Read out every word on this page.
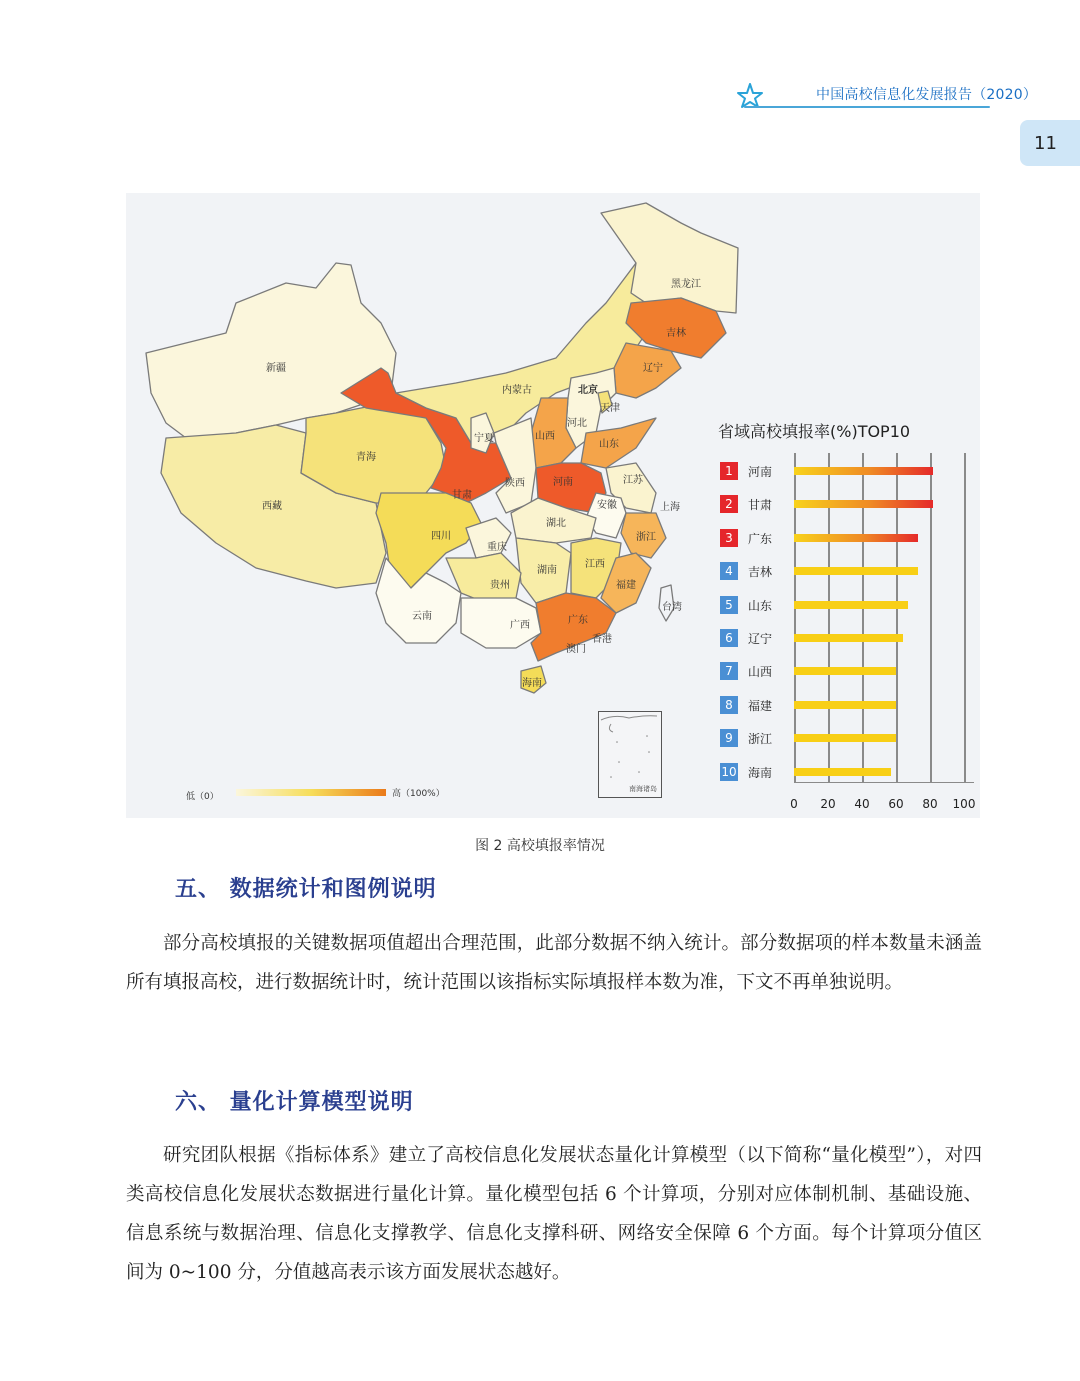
中国高校信息化发展报告（2020）
11
新疆
西藏
青海
甘肃
内蒙古
黑龙江
吉林
辽宁
北京
天津
河北
山西
山东
宁夏
陕西	河南	江苏
安徽	上海
四川
重庆
湖北
浙江
湖南
江西
贵州	福建
云南
广西	广东
香港
澳门
台湾
海南
低（0）	高（100%）	南海诸岛
省域高校填报率(%)TOP10
1	河南
2	甘肃
3	广东
4	吉林
5	山东
6	辽宁
7	山西
8	福建
9	浙江
10 海南
0 20 40 60 80 100
图 2 高校填报率情况
五、 数据统计和图例说明
部分高校填报的关键数据项值超出合理范围，此部分数据不纳入统计。部分数据项的样本数量未涵盖所有填报高校，进行数据统计时，统计范围以该指标实际填报样本数为准，下文不再单独说明。
六、 量化计算模型说明
研究团队根据《指标体系》建立了高校信息化发展状态量化计算模型（以下简称“量化模型”），对四类高校信息化发展状态数据进行量化计算。量化模型包括 6 个计算项，分别对应体制机制、基础设施、信息系统与数据治理、信息化支撑教学、信息化支撑科研、网络安全保障 6 个方面。每个计算项分值区间为 0~100 分，分值越高表示该方面发展状态越好。
